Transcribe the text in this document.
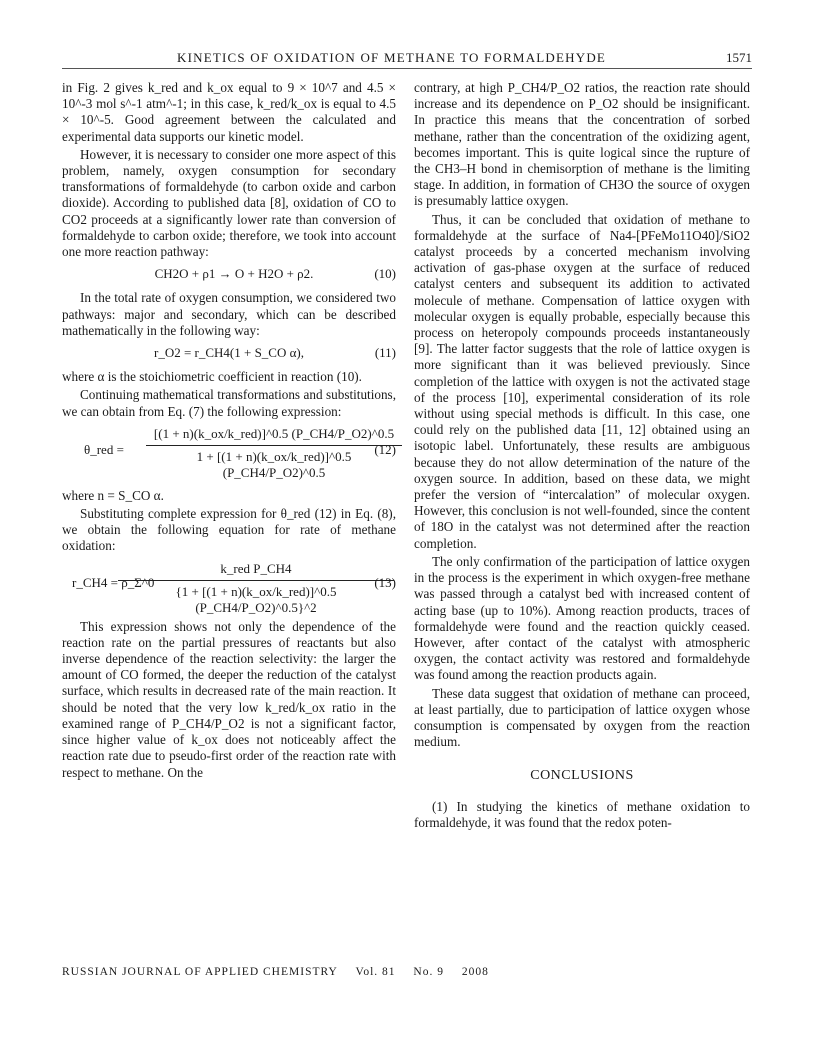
KINETICS OF OXIDATION OF METHANE TO FORMALDEHYDE	1571

in Fig. 2 gives k_red and k_ox equal to 9 × 10^7 and 4.5 × 10^-3 mol s^-1 atm^-1; in this case, k_red/k_ox is equal to 4.5 × 10^-5. Good agreement between the calculated and experimental data supports our kinetic model.

However, it is necessary to consider one more aspect of this problem, namely, oxygen consumption for secondary transformations of formaldehyde (to carbon oxide and carbon dioxide). According to published data [8], oxidation of CO to CO2 proceeds at a significantly lower rate than conversion of formaldehyde to carbon oxide; therefore, we took into account one more reaction pathway:

CH2O + ρ1 → O + H2O + ρ2.	(10)

In the total rate of oxygen consumption, we considered two pathways: major and secondary, which can be described mathematically in the following way:

r_O2 = r_CH4(1 + S_CO α),	(11)

where α is the stoichiometric coefficient in reaction (10).

Continuing mathematical transformations and substitutions, we can obtain from Eq. (7) the following expression:

θ_red =
[(1 + n)(k_ox/k_red)]^0.5 (P_CH4/P_O2)^0.5
1 + [(1 + n)(k_ox/k_red)]^0.5 (P_CH4/P_O2)^0.5
(12)

where n = S_CO α.

Substituting complete expression for θ_red (12) in Eq. (8), we obtain the following equation for rate of methane oxidation:

r_CH4 = ρ_Σ^0
k_red P_CH4
{1 + [(1 + n)(k_ox/k_red)]^0.5 (P_CH4/P_O2)^0.5}^2
(13)

This expression shows not only the dependence of the reaction rate on the partial pressures of reactants but also inverse dependence of the reaction selectivity: the larger the amount of CO formed, the deeper the reduction of the catalyst surface, which results in decreased rate of the main reaction. It should be noted that the very low k_red/k_ox ratio in the examined range of P_CH4/P_O2 is not a significant factor, since higher value of k_ox does not noticeably affect the reaction rate due to pseudo-first order of the reaction rate with respect to methane. On the

contrary, at high P_CH4/P_O2 ratios, the reaction rate should increase and its dependence on P_O2 should be insignificant. In practice this means that the concentration of sorbed methane, rather than the concentration of the oxidizing agent, becomes important. This is quite logical since the rupture of the CH3–H bond in chemisorption of methane is the limiting stage. In addition, in formation of CH3O the source of oxygen is presumably lattice oxygen.

Thus, it can be concluded that oxidation of methane to formaldehyde at the surface of Na4-[PFeMo11O40]/SiO2 catalyst proceeds by a concerted mechanism involving activation of gas-phase oxygen at the surface of reduced catalyst centers and subsequent its addition to activated molecule of methane. Compensation of lattice oxygen with molecular oxygen is equally probable, especially because this process on heteropoly compounds proceeds instantaneously [9]. The latter factor suggests that the role of lattice oxygen is more significant than it was believed previously. Since completion of the lattice with oxygen is not the activated stage of the process [10], experimental consideration of its role without using special methods is difficult. In this case, one could rely on the published data [11, 12] obtained using an isotopic label. Unfortunately, these results are ambiguous because they do not allow determination of the nature of the oxygen source. In addition, based on these data, we might prefer the version of “intercalation” of molecular oxygen. However, this conclusion is not well-founded, since the content of 18O in the catalyst was not determined after the reaction completion.

The only confirmation of the participation of lattice oxygen in the process is the experiment in which oxygen-free methane was passed through a catalyst bed with increased content of acting base (up to 10%). Among reaction products, traces of formaldehyde were found and the reaction quickly ceased. However, after contact of the catalyst with atmospheric oxygen, the contact activity was restored and formaldehyde was found among the reaction products again.

These data suggest that oxidation of methane can proceed, at least partially, due to participation of lattice oxygen whose consumption is compensated by oxygen from the reaction medium.

CONCLUSIONS

(1) In studying the kinetics of methane oxidation to formaldehyde, it was found that the redox poten-

RUSSIAN JOURNAL OF APPLIED CHEMISTRY Vol. 81 No. 9 2008
